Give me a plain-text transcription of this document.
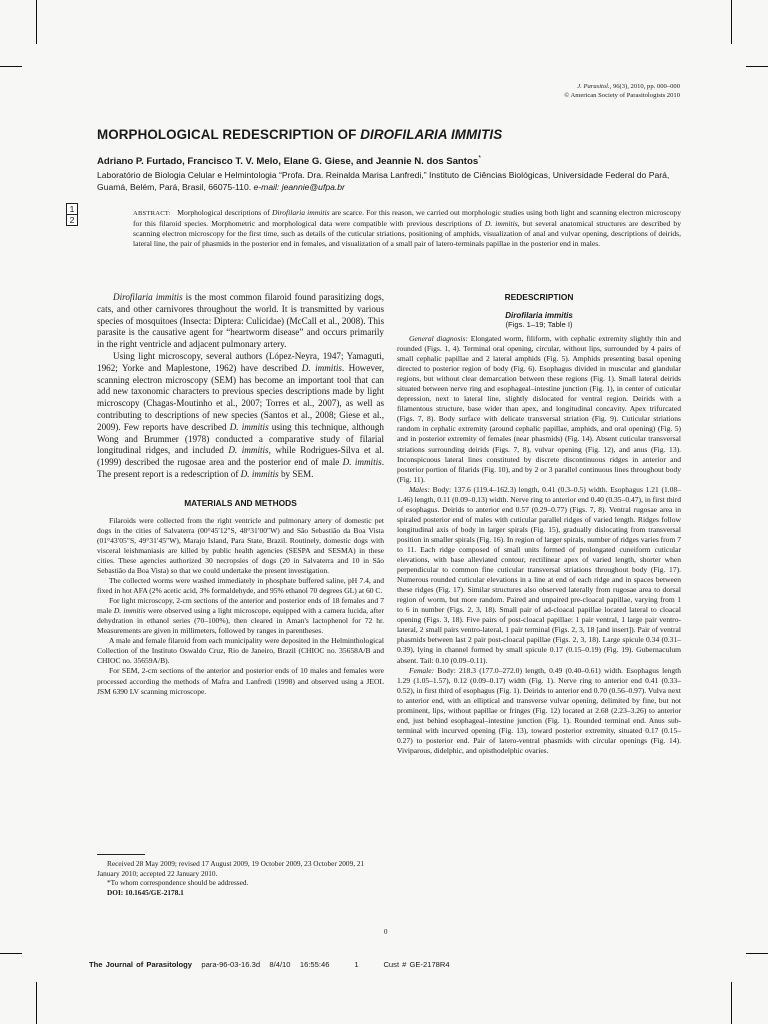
J. Parasitol., 96(3), 2010, pp. 000–000
© American Society of Parasitologists 2010
MORPHOLOGICAL REDESCRIPTION OF DIROFILARIA IMMITIS
Adriano P. Furtado, Francisco T. V. Melo, Elane G. Giese, and Jeannie N. dos Santos*
Laboratório de Biologia Celular e Helmintologia “Profa. Dra. Reinalda Marisa Lanfredi,” Instituto de Ciências Biológicas, Universidade Federal do Pará, Guamá, Belém, Pará, Brasil, 66075-110. e-mail: jeannie@ufpa.br
1
2
ABSTRACT: Morphological descriptions of Dirofilaria immitis are scarce. For this reason, we carried out morphologic studies using both light and scanning electron microscopy for this filaroid species. Morphometric and morphological data were compatible with previous descriptions of D. immitis, but several anatomical structures are described by scanning electron microscopy for the first time, such as details of the cuticular striations, positioning of amphids, visualization of anal and vulvar opening, descriptions of deirids, lateral line, the pair of phasmids in the posterior end in females, and visualization of a small pair of latero-terminals papillae in the posterior end in males.

Dirofilaria immitis is the most common filaroid found parasitizing dogs, cats, and other carnivores throughout the world. It is transmitted by various species of mosquitoes (Insecta: Diptera: Culicidae) (McCall et al., 2008). This parasite is the causative agent for “heartworm disease” and occurs primarily in the right ventricle and adjacent pulmonary artery.

Using light microscopy, several authors (López-Neyra, 1947; Yamaguti, 1962; Yorke and Maplestone, 1962) have described D. immitis. However, scanning electron microscopy (SEM) has become an important tool that can add new taxonomic characters to previous species descriptions made by light microscopy (Chagas-Moutinho et al., 2007; Torres et al., 2007), as well as contributing to descriptions of new species (Santos et al., 2008; Giese et al., 2009). Few reports have described D. immitis using this technique, although Wong and Brummer (1978) conducted a comparative study of filarial longitudinal ridges, and included D. immitis, while Rodrigues-Silva et al. (1999) described the rugosae area and the posterior end of male D. immitis. The present report is a redescription of D. immitis by SEM.

MATERIALS AND METHODS

Filaroids were collected from the right ventricle and pulmonary artery of domestic pet dogs in the cities of Salvaterra (00°45′12″S, 48°31′00″W) and São Sebastião da Boa Vista (01°43′05″S, 49°31′45″W), Marajo Island, Para State, Brazil. Routinely, domestic dogs with visceral leishmaniasis are killed by public health agencies (SESPA and SESMA) in these cities. These agencies authorized 30 necropsies of dogs (20 in Salvaterra and 10 in São Sebastião da Boa Vista) so that we could undertake the present investigation.

The collected worms were washed immediately in phosphate buffered saline, pH 7.4, and fixed in hot AFA (2% acetic acid, 3% formaldehyde, and 95% ethanol 70 degrees GL) at 60 C.

For light microscopy, 2-cm sections of the anterior and posterior ends of 18 females and 7 male D. immitis were observed using a light microscope, equipped with a camera lucida, after dehydration in ethanol series (70–100%), then cleared in Aman's lactophenol for 72 hr. Measurements are given in millimeters, followed by ranges in parentheses.

A male and female filaroid from each municipality were deposited in the Helminthological Collection of the Instituto Oswaldo Cruz, Rio de Janeiro, Brazil (CHIOC no. 35658A/B and CHIOC no. 35659A/B).

For SEM, 2-cm sections of the anterior and posterior ends of 10 males and females were processed according the methods of Mafra and Lanfredi (1998) and observed using a JEOL JSM 6390 LV scanning microscope.

Received 28 May 2009; revised 17 August 2009, 19 October 2009, 23 October 2009, 21 January 2010; accepted 22 January 2010.

*To whom correspondence should be addressed.

DOI: 10.1645/GE-2178.1

REDESCRIPTION
Dirofilaria immitis
(Figs. 1–19; Table I)

General diagnosis: Elongated worm, filiform, with cephalic extremity slightly thin and rounded (Figs. 1, 4). Terminal oral opening, circular, without lips, surrounded by 4 pairs of small cephalic papillae and 2 lateral amphids (Fig. 5). Amphids presenting basal opening directed to posterior region of body (Fig. 6). Esophagus divided in muscular and glandular regions, but without clear demarcation between these regions (Fig. 1). Small lateral deirids situated between nerve ring and esophageal–intestine junction (Fig. 1), in center of cuticular depression, next to lateral line, slightly dislocated for ventral region. Deirids with a filamentous structure, base wider than apex, and longitudinal concavity. Apex trifurcated (Figs. 7, 8). Body surface with delicate transversal striation (Fig. 9). Cuticular striations random in cephalic extremity (around cephalic papillae, amphids, and oral opening) (Fig. 5) and in posterior extremity of females (near phasmids) (Fig. 14). Absent cuticular transversal striations surrounding deirids (Figs. 7, 8), vulvar opening (Fig. 12), and anus (Fig. 13). Inconspicuous lateral lines constituted by discrete discontinuous ridges in anterior and posterior portion of filarids (Fig. 10), and by 2 or 3 parallel continuous lines throughout body (Fig. 11).

Males: Body: 137.6 (119.4–162.3) length, 0.41 (0.3–0.5) width. Esophagus 1.21 (1.08–1.46) length, 0.11 (0.09–0.13) width. Nerve ring to anterior end 0.40 (0.35–0.47), in first third of esophagus. Deirids to anterior end 0.57 (0.29–0.77) (Figs. 7, 8). Ventral rugosae area in spiraled posterior end of males with cuticular parallel ridges of varied length. Ridges follow longitudinal axis of body in larger spirals (Fig. 15), gradually dislocating from transversal position in smaller spirals (Fig. 16). In region of larger spirals, number of ridges varies from 7 to 11. Each ridge composed of small units formed of prolongated cuneiform cuticular elevations, with base alleviated contour, rectilinear apex of varied length, shorter when perpendicular to common fine cuticular transversal striations throughout body (Fig. 17). Numerous rounded cuticular elevations in a line at end of each ridge and in spaces between these ridges (Fig. 17). Similar structures also observed laterally from rugosae area to dorsal region of worm, but more random. Paired and unpaired pre-cloacal papillae, varying from 1 to 6 in number (Figs. 2, 3, 18). Small pair of ad-cloacal papillae located lateral to cloacal opening (Figs. 3, 18). Five pairs of post-cloacal papillae: 1 pair ventral, 1 large pair ventro-lateral, 2 small pairs ventro-lateral, 1 pair terminal (Figs. 2, 3, 18 [and insert]). Pair of ventral phasmids between last 2 pair post-cloacal papillae (Figs. 2, 3, 18). Large spicule 0.34 (0.31–0.39), lying in channel formed by small spicule 0.17 (0.15–0.19) (Fig. 19). Gubernaculum absent. Tail: 0.10 (0.09–0.11).

Female: Body: 218.3 (177.0–272.0) length, 0.49 (0.40–0.61) width. Esophagus length 1.29 (1.05–1.57), 0.12 (0.09–0.17) width (Fig. 1). Nerve ring to anterior end 0.41 (0.33–0.52), in first third of esophagus (Fig. 1). Deirids to anterior end 0.70 (0.56–0.97). Vulva next to anterior end, with an elliptical and transverse vulvar opening, delimited by fine, but not prominent, lips, without papillae or fringes (Fig. 12) located at 2.68 (2.23–3.26) to anterior end, just behind esophageal–intestine junction (Fig. 1). Rounded terminal end. Anus sub-terminal with incurved opening (Fig. 13), toward posterior extremity, situated 0.17 (0.15–0.27) to posterior end. Pair of latero-ventral phasmids with circular openings (Fig. 14). Viviparous, didelphic, and opisthodelphic ovaries.

0
The Journal of Parasitology para-96-03-16.3d 8/4/10 16:55:46	1	Cust # GE-2178R4
